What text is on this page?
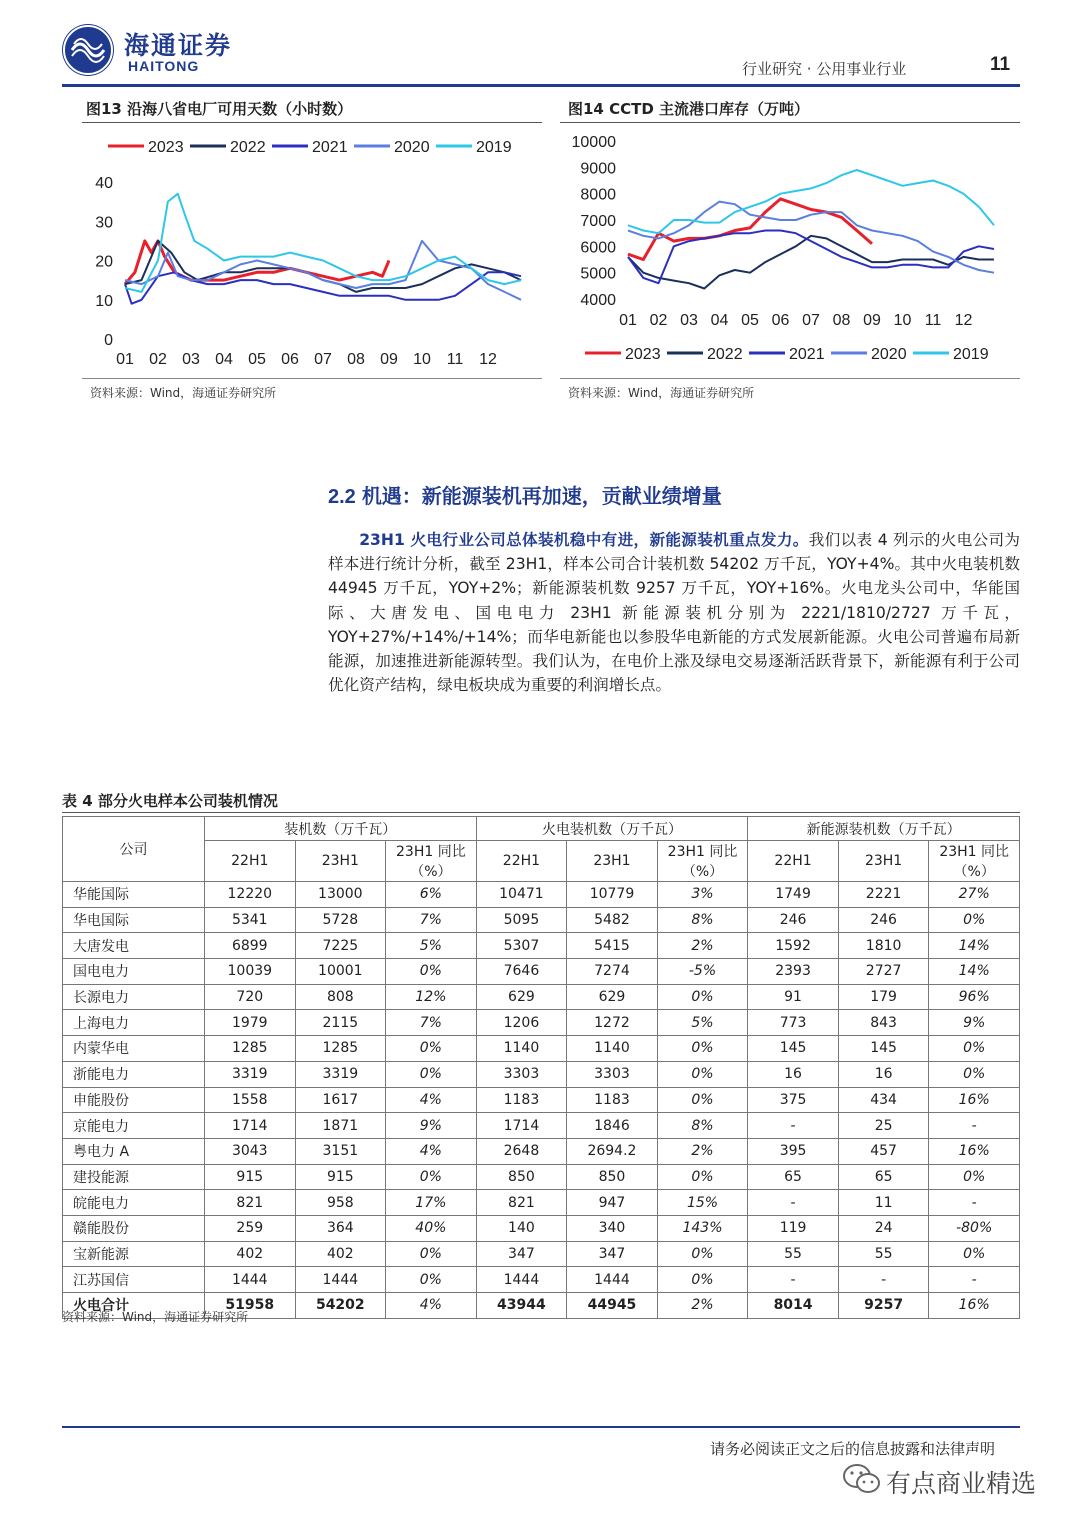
海通证券
HAITONG	行业研究 · 公用事业行业	11
图13 沿海八省电厂可用天数（小时数）
2023	2022	2021	2020	2019
0
10
20
30
40
01 02 03 04 05 06 07 08 09 10 11 12
资料来源：Wind，海通证券研究所
图14 CCTD 主流港口库存（万吨）
2023	2022	2021	2020	2019
4000
5000
6000
7000
8000
9000
10000
01 02 03 04 05 06 07 08 09 10 11 12
资料来源：Wind，海通证券研究所
2.2 机遇：新能源装机再加速，贡献业绩增量

23H1 火电行业公司总体装机稳中有进，新能源装机重点发力。我们以表 4 列示的火电公司为样本进行统计分析，截至 23H1，样本公司合计装机数 54202 万千瓦，YOY+4%。其中火电装机数 44945 万千瓦，YOY+2%；新能源装机数 9257 万千瓦，YOY+16%。火电龙头公司中，华能国际、大唐发电、国电电力 23H1 新能源装机分别为 2221/1810/2727 万千瓦，YOY+27%/+14%/+14%；而华电新能也以参股华电新能的方式发展新能源。火电公司普遍布局新能源，加速推进新能源转型。我们认为，在电价上涨及绿电交易逐渐活跃背景下，新能源有利于公司优化资产结构，绿电板块成为重要的利润增长点。

表 4 部分火电样本公司装机情况
公司	装机数（万千瓦）			火电装机数（万千瓦）			新能源装机数（万千瓦）		
	22H1	23H1	23H1 同比（%）	22H1	23H1	23H1 同比（%）	22H1	23H1	23H1 同比（%）
华能国际	12220	13000	6%	10471	10779	3%	1749	2221	27%
华电国际	5341	5728	7%	5095	5482	8%	246	246	0%
大唐发电	6899	7225	5%	5307	5415	2%	1592	1810	14%
国电电力	10039	10001	0%	7646	7274	-5%	2393	2727	14%
长源电力	720	808	12%	629	629	0%	91	179	96%
上海电力	1979	2115	7%	1206	1272	5%	773	843	9%
内蒙华电	1285	1285	0%	1140	1140	0%	145	145	0%
浙能电力	3319	3319	0%	3303	3303	0%	16	16	0%
申能股份	1558	1617	4%	1183	1183	0%	375	434	16%
京能电力	1714	1871	9%	1714	1846	8%	-	25	-
粤电力 A	3043	3151	4%	2648	2694.2	2%	395	457	16%
建投能源	915	915	0%	850	850	0%	65	65	0%
皖能电力	821	958	17%	821	947	15%	-	11	-
赣能股份	259	364	40%	140	340	143%	119	24	-80%
宝新能源	402	402	0%	347	347	0%	55	55	0%
江苏国信	1444	1444	0%	1444	1444	0%	-	-	-
火电合计	51958	54202	4%	43944	44945	2%	8014	9257	16%
资料来源：Wind，海通证券研究所
请务必阅读正文之后的信息披露和法律声明
有点商业精选
